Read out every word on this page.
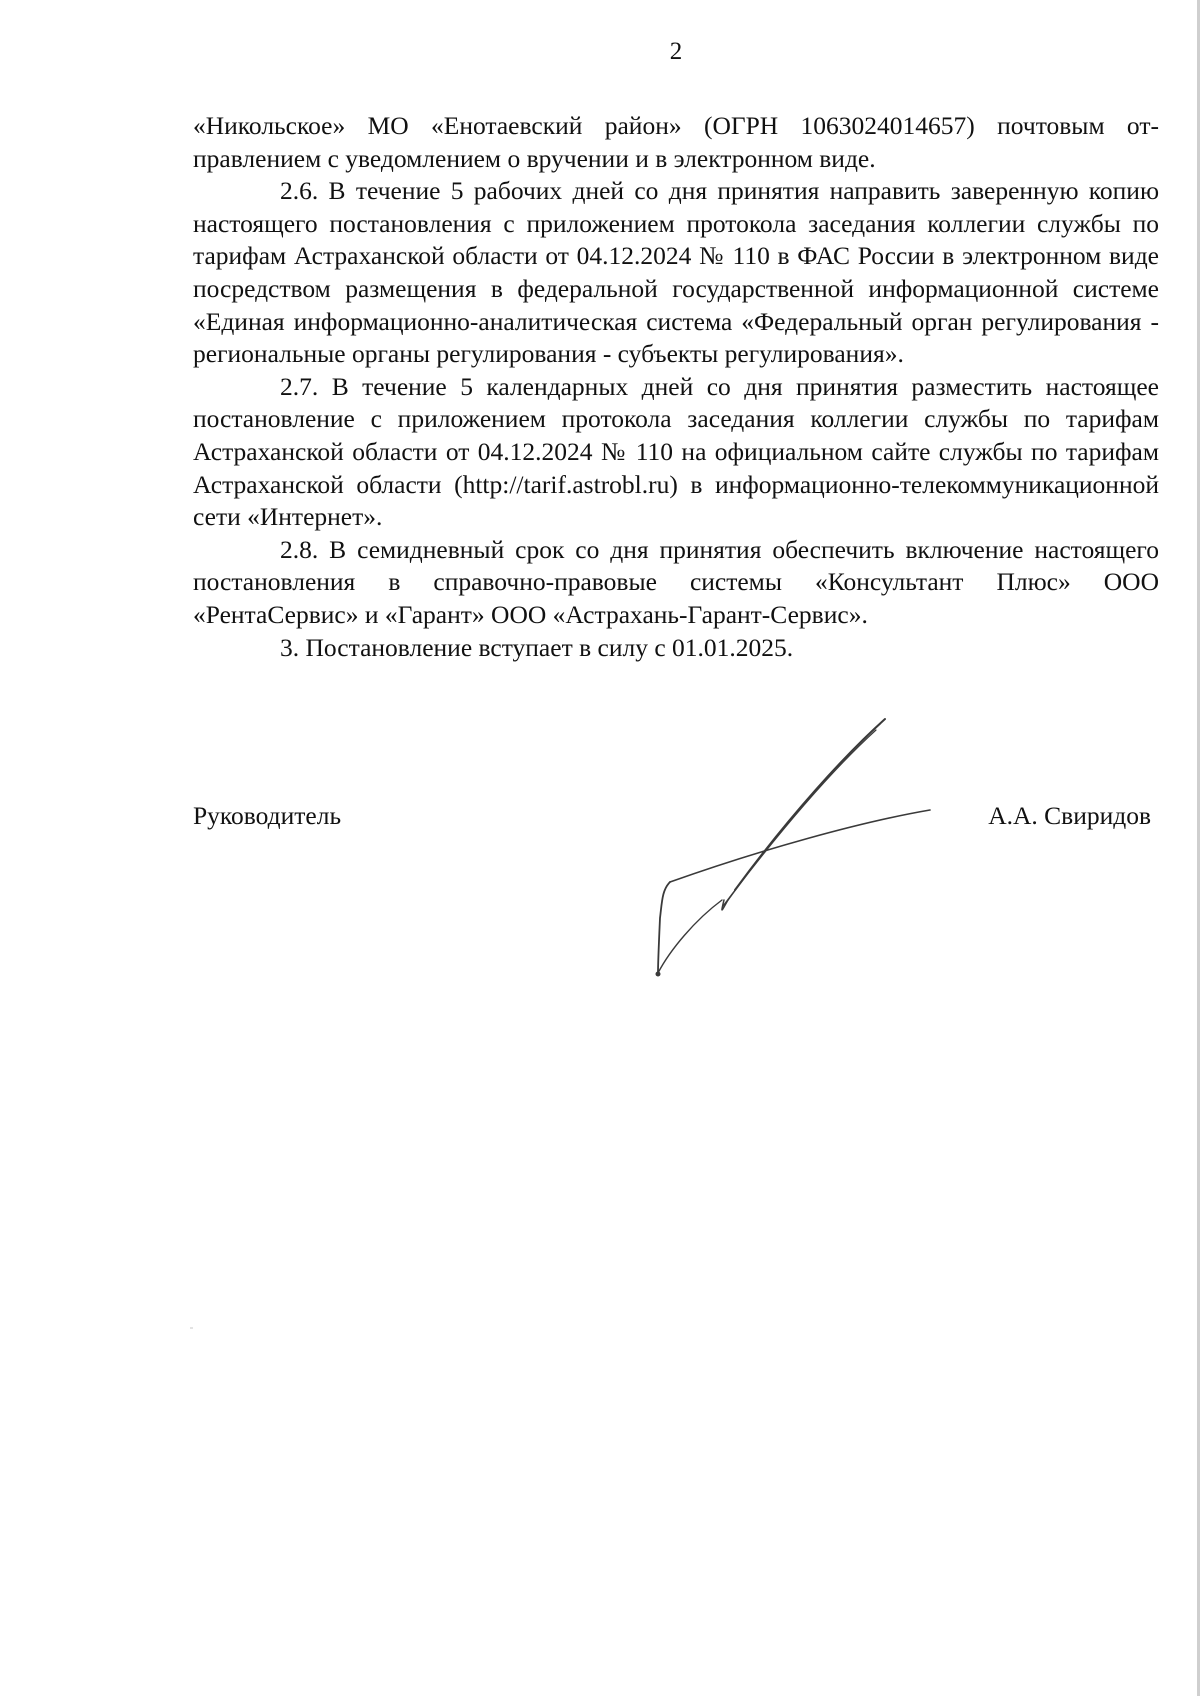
2

«Никольское» МО «Енотаевский район» (ОГРН 1063024014657) почтовым отправлением с уведомлением о вручении и в электронном виде.

2.6. В течение 5 рабочих дней со дня принятия направить заверенную копию настоящего постановления с приложением протокола заседания коллегии службы по тарифам Астраханской области от 04.12.2024 № 110 в ФАС России в электронном виде посредством размещения в федеральной государственной информационной системе «Единая информационно-аналитическая система «Федеральный орган регулирования - региональные органы регулирования - субъекты регулирования».

2.7. В течение 5 календарных дней со дня принятия разместить настоящее постановление с приложением протокола заседания коллегии службы по тарифам Астраханской области от 04.12.2024 № 110 на официальном сайте службы по тарифам Астраханской области (http://tarif.astrobl.ru) в информационно-телекоммуникационной сети «Интернет».

2.8. В семидневный срок со дня принятия обеспечить включение настоящего постановления в справочно-правовые системы «Консультант Плюс» ООО «РентаСервис» и «Гарант» ООО «Астрахань-Гарант-Сервис».

3. Постановление вступает в силу с 01.01.2025.

Руководитель	А.А. Свиридов
